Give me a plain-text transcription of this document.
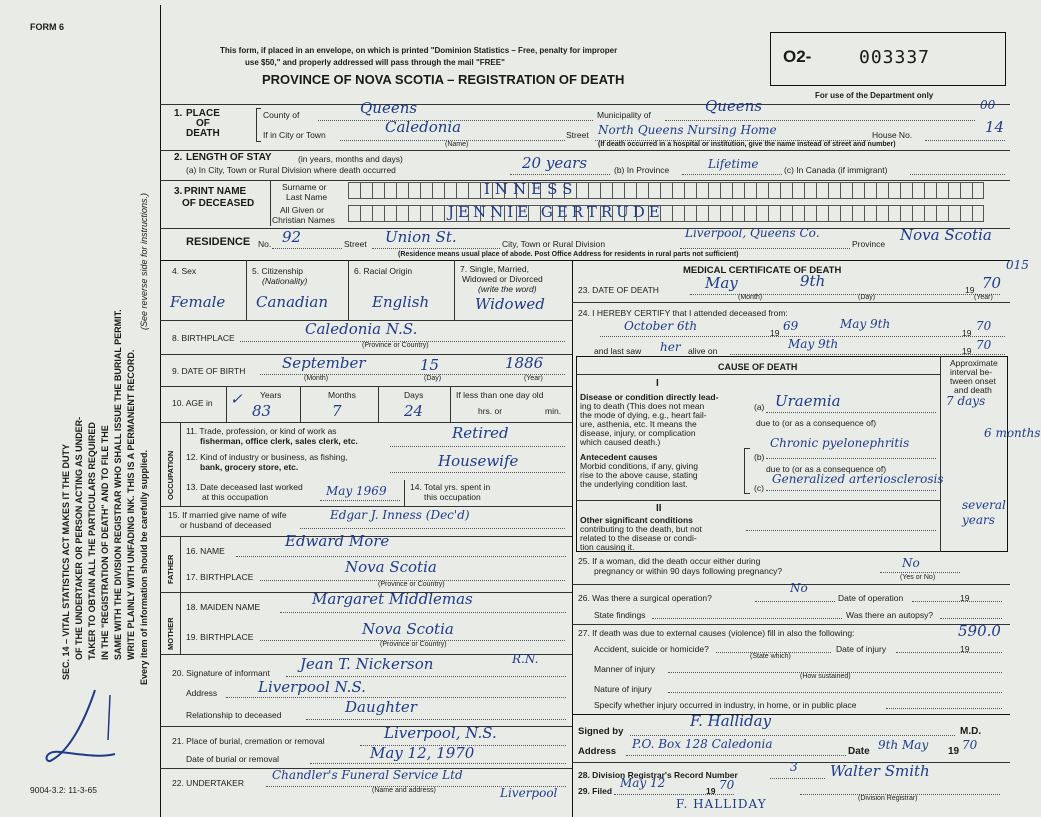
FORM 6
SEC. 14 – VITAL STATISTICS ACT MAKES IT THE DUTY OF THE UNDERTAKER OR PERSON ACTING AS UNDER- TAKER TO OBTAIN ALL THE PARTICULARS REQUIRED IN THE "REGISTRATION OF DEATH" AND TO FILE THE SAME WITH THE DIVISION REGISTRAR WHO SHALL ISSUE THE BURIAL PERMIT. WRITE PLAINLY WITH UNFADING INK. THIS IS A PERMANENT RECORD. Every item of information should be carefully supplied.
(See reverse side for instructions.)
9004-3.2: 11-3-65
This form, if placed in an envelope, on which is printed "Dominion Statistics – Free, penalty for improper
use $50," and properly addressed will pass through the mail "FREE"
PROVINCE OF NOVA SCOTIA – REGISTRATION OF DEATH
O2-	003337
For use of the Department only
00
015
1. PLACE
OF
DEATH
County of	Queens	Municipality of	Queens
If in City or Town	Caledonia
(Name)
Street North Queens Nursing Home	House No.	14
(If death occurred in a hospital or institution, give the name instead of street and number)
2. LENGTH OF STAY	(in years, months and days)
(a) In City, Town or Rural Division where death occurred	20 years	(b) In Province	Lifetime	(c) In Canada (if immigrant)
3. PRINT NAME
OF DECEASED
Surname or
Last Name	INNESS
All Given or
Christian Names	JENNIE GERTRUDE
RESIDENCE No. 92	Street Union St.	City, Town or Rural Division
Liverpool, Queens Co.
Province Nova Scotia
(Residence means usual place of abode. Post Office Address for residents in rural parts not sufficient)
4. Sex
Female
5. Citizenship
(Nationality)
Canadian
6. Racial Origin
English
7. Single, Married,
Widowed or Divorced
(write the word)
Widowed
8. BIRTHPLACE	Caledonia N.S.
(Province or Country)
9. DATE OF BIRTH September	15	1886
(Month)	(Day)	(Year)
10. AGE in ✓ Years
83
Months
7
Days
24
If less than one day old
hrs. or	min.
OCCUPATION
11. Trade, profession, or kind of work as
fisherman, office clerk, sales clerk, etc.	Retired
12. Kind of industry or business, as fishing,
bank, grocery store, etc.	Housewife
13. Date deceased last worked
at this occupation	May 1969	14. Total yrs. spent in
this occupation
15. If married give name of wife
or husband of deceased
Edgar J. Inness (Dec'd)
FATHER
16. NAME
Edward More
17. BIRTHPLACE
Nova Scotia
(Province or Country)
MOTHER
18. MAIDEN NAME	Margaret Middlemas
19. BIRTHPLACE	Nova Scotia
(Province or Country)
20. Signature of informant Jean T. Nickerson	R.N.
Address	Liverpool N.S.
Relationship to deceased	Daughter
21. Place of burial, cremation or removal	Liverpool, N.S.
Date of burial or removal	May 12, 1970
22. UNDERTAKER
Chandler's Funeral Service Ltd
Liverpool
(Name and address)
MEDICAL CERTIFICATE OF DEATH
23. DATE OF DEATH	May	9th	19 70
(Month)	(Day)	(Year)
24. I HEREBY CERTIFY that I attended deceased from:
October 6th	19 69	May 9th
19 70
and last saw her alive on	May 9th	19 70
CAUSE OF DEATH	Approximate
interval be-
tween onset
and death
I
Disease or condition directly lead-
ing to death (This does not mean
the mode of dying, e.g., heart fail-
ure, asthenia, etc. It means the
disease, injury, or complication
which caused death.)
(a) Uraemia	7 days
due to (or as a consequence of)
Antecedent causes
Morbid conditions, if any, giving
rise to the above cause, stating
the underlying condition last.
(b)
Chronic pyelonephritis
6 months
due to (or as a consequence of)
(c)
Generalized arteriosclerosis
several years
II
Other significant conditions
contributing to the death, but not
related to the disease or condi-
tion causing it.
25. If a woman, did the death occur either during
pregnancy or within 90 days following pregnancy?
No
(Yes or No)
26. Was there a surgical operation?
No
Date of operation	19
State findings	Was there an autopsy?
27. If death was due to external causes (violence) fill in also the following:	590.0
Accident, suicide or homicide?
(State which)
Date of injury	19
Manner of injury
(How sustained)
Nature of injury
Specify whether injury occurred in industry, in home, or in public place
Signed by
F. Halliday
M.D.
Address
P.O. Box 128 Caledonia
Date 9th May 19 70
28. Division Registrar's Record Number
3
29. Filed
May 12
19 70
Walter Smith
(Division Registrar)
F. HALLIDAY
